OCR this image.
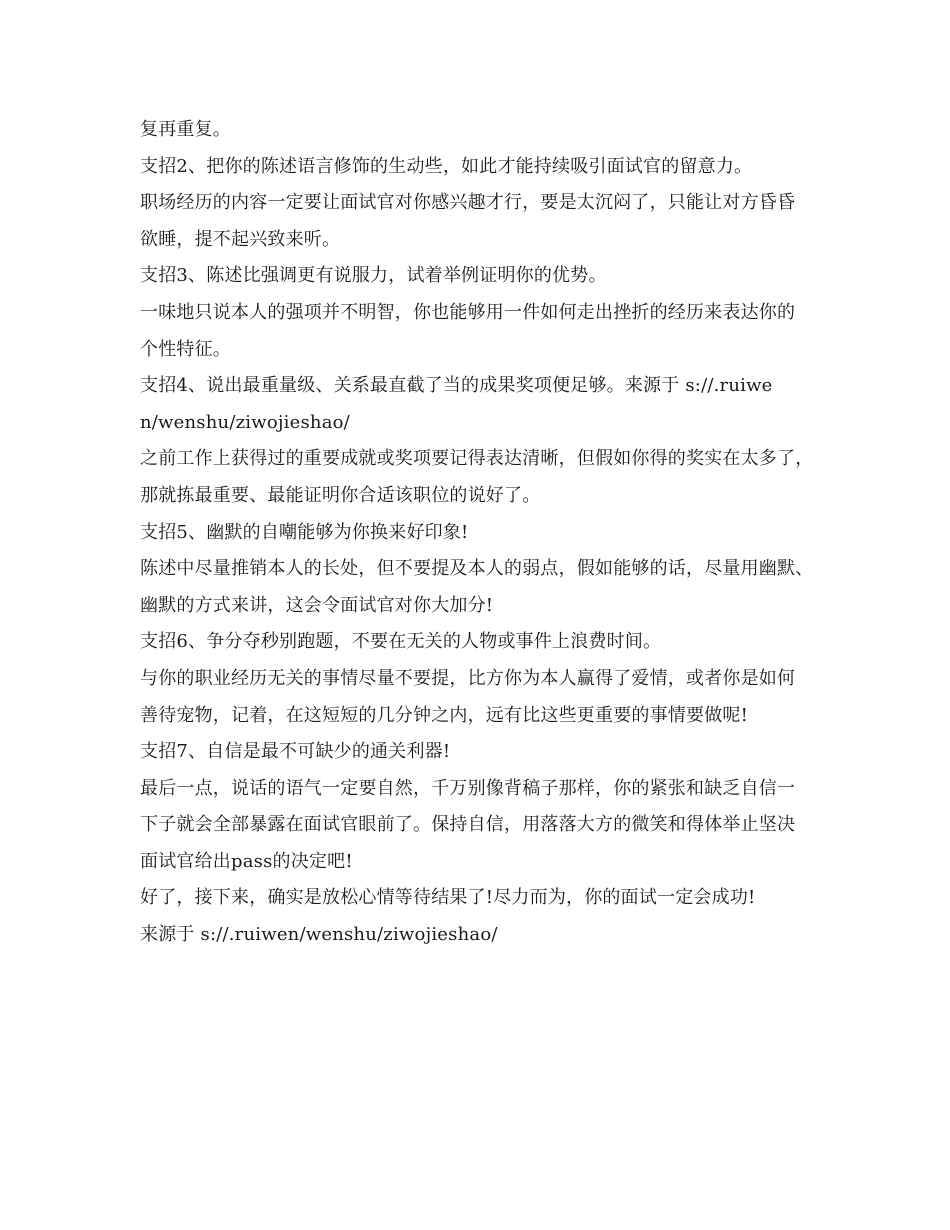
复再重复。
支招2、把你的陈述语言修饰的生动些，如此才能持续吸引面试官的留意力。
职场经历的内容一定要让面试官对你感兴趣才行，要是太沉闷了，只能让对方昏昏
欲睡，提不起兴致来听。
支招3、陈述比强调更有说服力，试着举例证明你的优势。
一味地只说本人的强项并不明智，你也能够用一件如何走出挫折的经历来表达你的
个性特征。
支招4、说出最重量级、关系最直截了当的成果奖项便足够。来源于 s://.ruiwe
n/wenshu/ziwojieshao/
之前工作上获得过的重要成就或奖项要记得表达清晰，但假如你得的奖实在太多了，
那就拣最重要、最能证明你合适该职位的说好了。
支招5、幽默的自嘲能够为你换来好印象!
陈述中尽量推销本人的长处，但不要提及本人的弱点，假如能够的话，尽量用幽默、
幽默的方式来讲，这会令面试官对你大加分!
支招6、争分夺秒别跑题，不要在无关的人物或事件上浪费时间。
与你的职业经历无关的事情尽量不要提，比方你为本人赢得了爱情，或者你是如何
善待宠物，记着，在这短短的几分钟之内，远有比这些更重要的事情要做呢!
支招7、自信是最不可缺少的通关利器!
最后一点，说话的语气一定要自然，千万别像背稿子那样，你的紧张和缺乏自信一
下子就会全部暴露在面试官眼前了。保持自信，用落落大方的微笑和得体举止坚决
面试官给出pass的决定吧!
好了，接下来，确实是放松心情等待结果了!尽力而为，你的面试一定会成功!
来源于 s://.ruiwen/wenshu/ziwojieshao/
